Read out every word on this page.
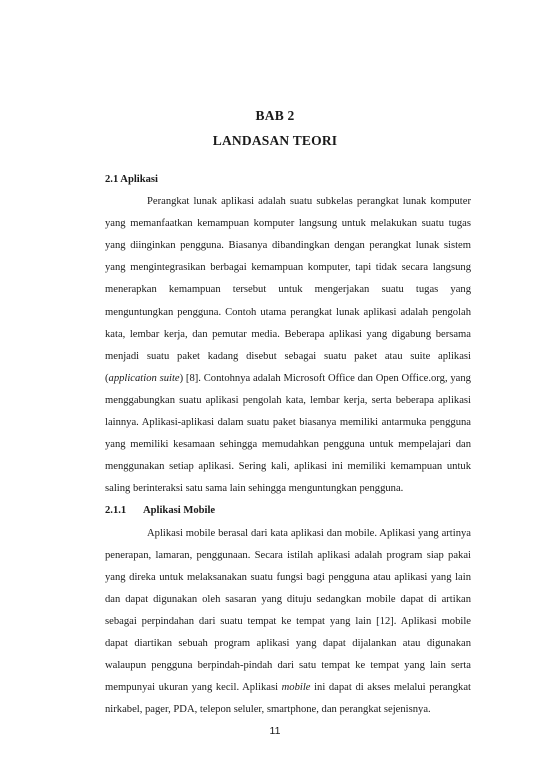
BAB 2
LANDASAN TEORI
2.1 Aplikasi

Perangkat lunak aplikasi adalah suatu subkelas perangkat lunak komputer yang memanfaatkan kemampuan komputer langsung untuk melakukan suatu tugas yang diinginkan pengguna. Biasanya dibandingkan dengan perangkat lunak sistem yang mengintegrasikan berbagai kemampuan komputer, tapi tidak secara langsung menerapkan kemampuan tersebut untuk mengerjakan suatu tugas yang menguntungkan pengguna. Contoh utama perangkat lunak aplikasi adalah pengolah kata, lembar kerja, dan pemutar media. Beberapa aplikasi yang digabung bersama menjadi suatu paket kadang disebut sebagai suatu paket atau suite aplikasi (application suite) [8]. Contohnya adalah Microsoft Office dan Open Office.org, yang menggabungkan suatu aplikasi pengolah kata, lembar kerja, serta beberapa aplikasi lainnya. Aplikasi-aplikasi dalam suatu paket biasanya memiliki antarmuka pengguna yang memiliki kesamaan sehingga memudahkan pengguna untuk mempelajari dan menggunakan setiap aplikasi. Sering kali, aplikasi ini memiliki kemampuan untuk saling berinteraksi satu sama lain sehingga menguntungkan pengguna.

2.1.1	Aplikasi Mobile

Aplikasi mobile berasal dari kata aplikasi dan mobile. Aplikasi yang artinya penerapan, lamaran, penggunaan. Secara istilah aplikasi adalah program siap pakai yang direka untuk melaksanakan suatu fungsi bagi pengguna atau aplikasi yang lain dan dapat digunakan oleh sasaran yang dituju sedangkan mobile dapat di artikan sebagai perpindahan dari suatu tempat ke tempat yang lain [12]. Aplikasi mobile dapat diartikan sebuah program aplikasi yang dapat dijalankan atau digunakan walaupun pengguna berpindah-pindah dari satu tempat ke tempat yang lain serta mempunyai ukuran yang kecil. Aplikasi mobile ini dapat di akses melalui perangkat nirkabel, pager, PDA, telepon seluler, smartphone, dan perangkat sejenisnya.

11
